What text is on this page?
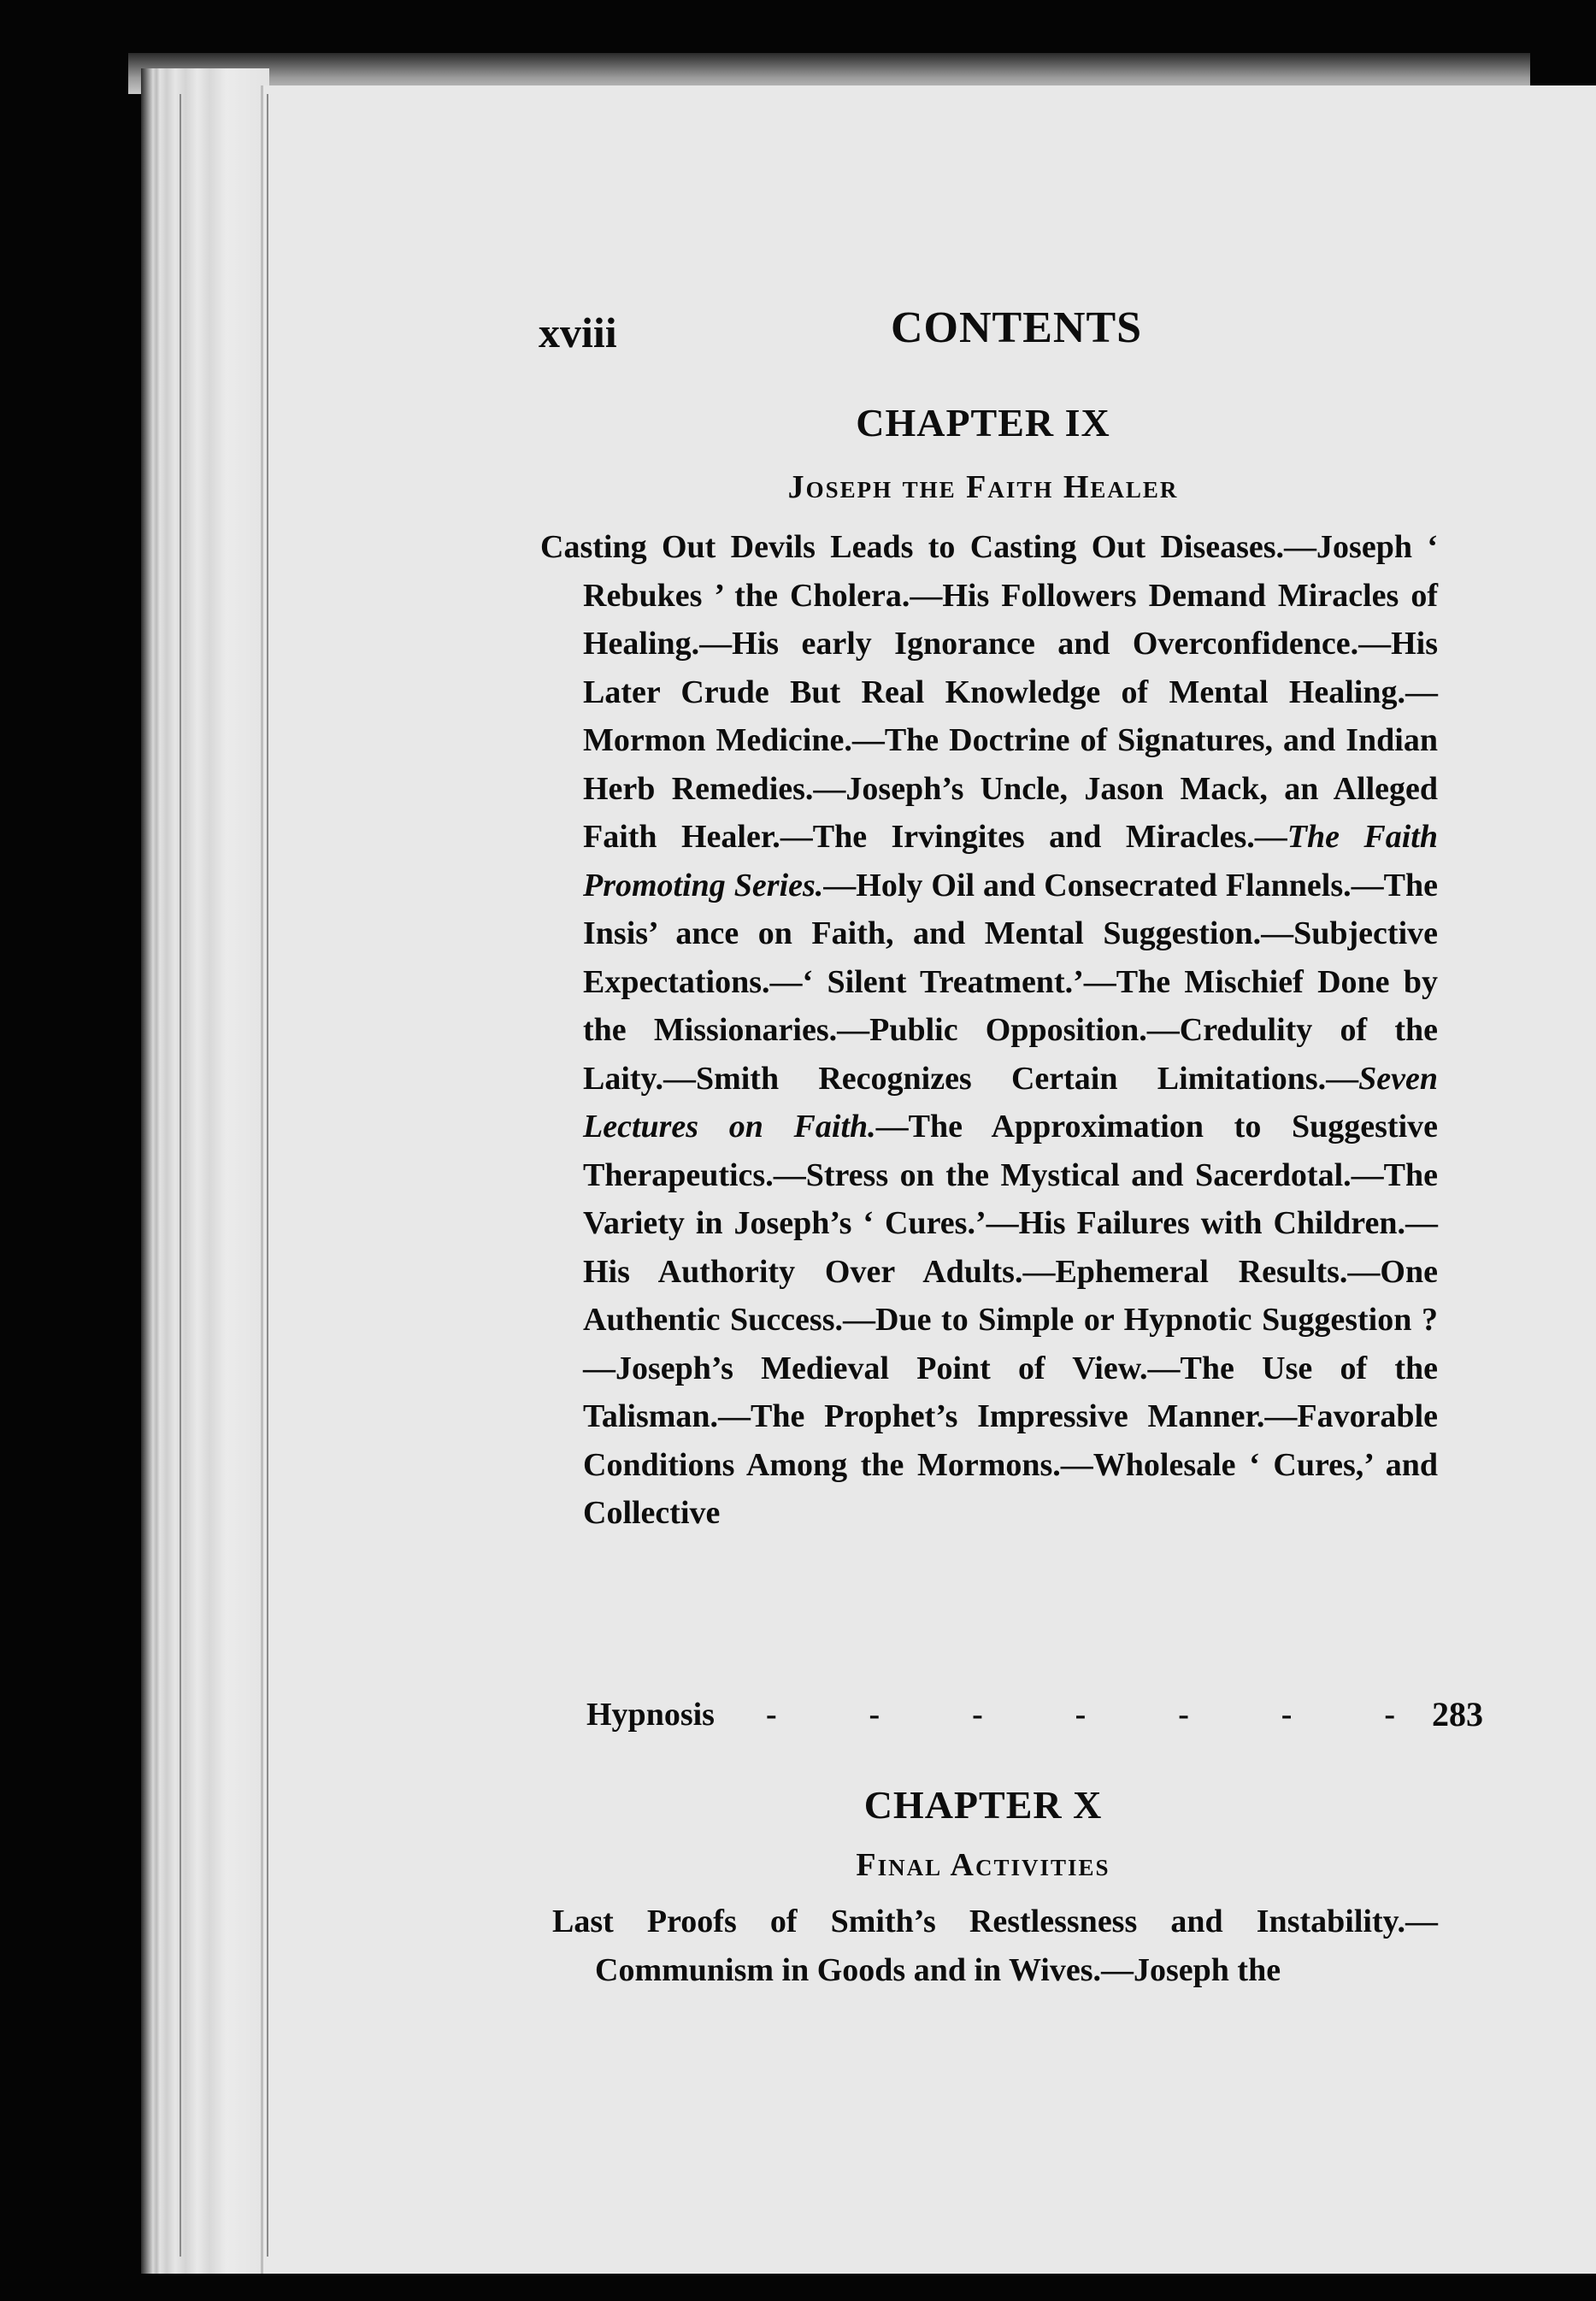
xviii	CONTENTS
CHAPTER IX
Joseph the Faith Healer

Casting Out Devils Leads to Casting Out Diseases.—Joseph ‘ Rebukes ’ the Cholera.—His Followers Demand Miracles of Healing.—His early Ignorance and Overconfidence.—His Later Crude But Real Knowledge of Mental Healing.—Mormon Medicine.—The Doctrine of Signatures, and Indian Herb Remedies.—Joseph’s Uncle, Jason Mack, an Alleged Faith Healer.—The Irvingites and Miracles.—The Faith Promoting Series.—Holy Oil and Consecrated Flannels.—The Insis’ ance on Faith, and Mental Suggestion.—Subjective Expectations.—‘ Silent Treatment.’—The Mischief Done by the Missionaries.—Public Opposition.—Credulity of the Laity.—Smith Recognizes Certain Limitations.—Seven Lectures on Faith.—The Approximation to Suggestive Therapeutics.—Stress on the Mystical and Sacerdotal.—The Variety in Joseph’s ‘ Cures.’—His Failures with Children.—His Authority Over Adults.—Ephemeral Results.—One Authentic Success.—Due to Simple or Hypnotic Suggestion ?—Joseph’s Medieval Point of View.—The Use of the Talisman.—The Prophet’s Impressive Manner.—Favorable Conditions Among the Mormons.—Wholesale ‘ Cures,’ and Collective

Hypnosis -	-	-	-	-	-	- 283
CHAPTER X
Final Activities

Last Proofs of Smith’s Restlessness and Instability.—Communism in Goods and in Wives.—Joseph the
